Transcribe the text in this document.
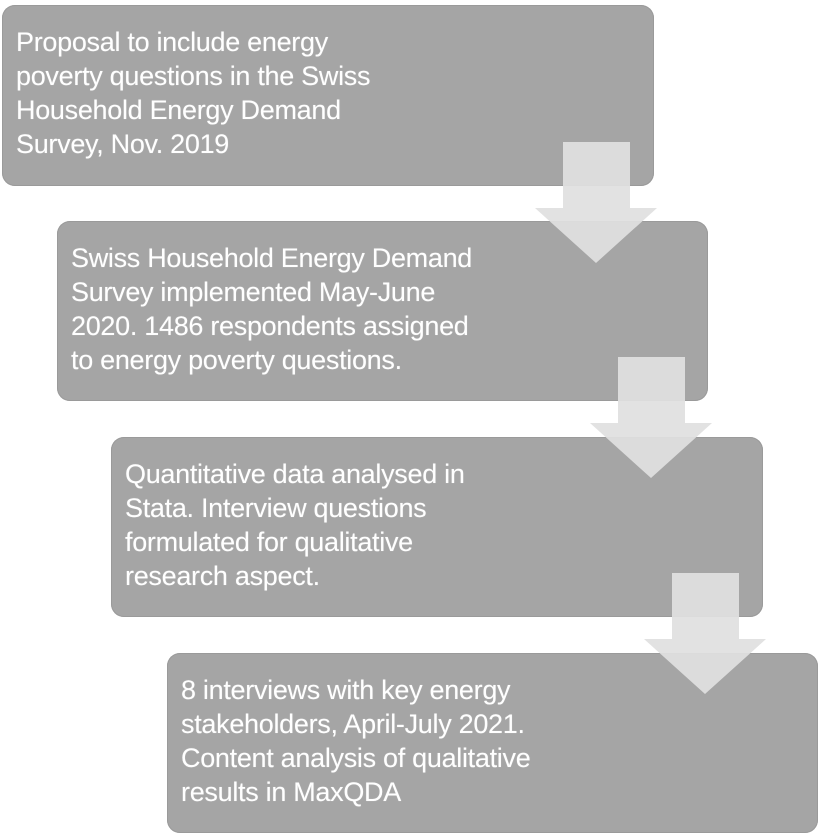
Proposal to include energy
poverty questions in the Swiss
Household Energy Demand
Survey, Nov. 2019
Swiss Household Energy Demand
Survey implemented May-June
2020. 1486 respondents assigned
to energy poverty questions.
Quantitative data analysed in
Stata. Interview questions
formulated for qualitative
research aspect.
8 interviews with key energy
stakeholders, April-July 2021.
Content analysis of qualitative
results in MaxQDA
